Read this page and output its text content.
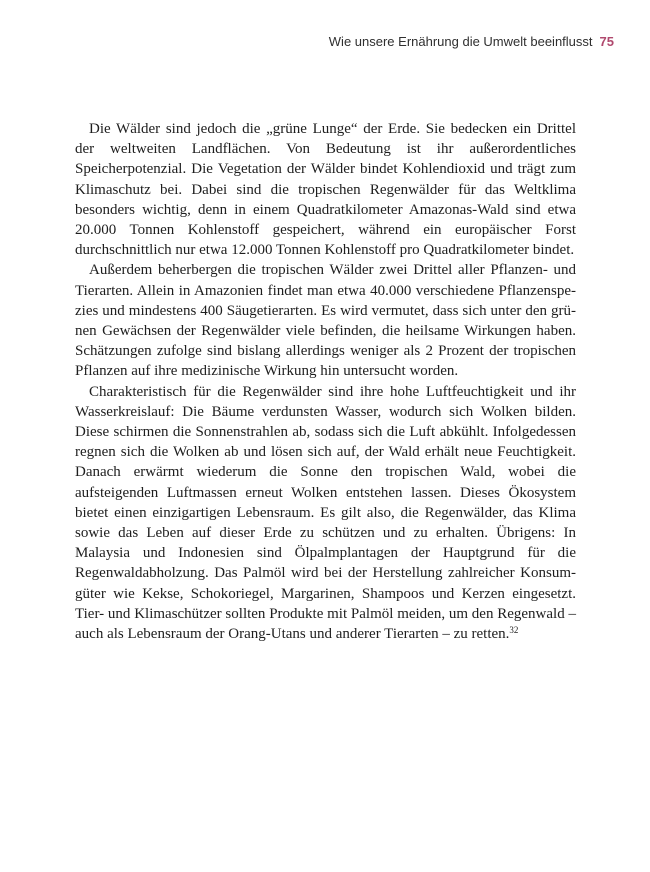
Wie unsere Ernährung die Umwelt beeinflusst 75

Die Wälder sind jedoch die „grüne Lunge“ der Erde. Sie bedecken ein Drittel der weltweiten Landflächen. Von Bedeutung ist ihr außerordentliches Speicherpotenzial. Die Vegetation der Wälder bindet Kohlendioxid und trägt zum Klimaschutz bei. Dabei sind die tropischen Regenwälder für das Weltklima besonders wichtig, denn in einem Quadratkilometer Amazonas-Wald sind etwa 20.000 Tonnen Kohlenstoff gespeichert, während ein europäischer Forst durchschnittlich nur etwa 12.000 Tonnen Kohlenstoff pro Quadratkilometer bindet.

Außerdem beherbergen die tropischen Wälder zwei Drittel aller Pflanzen- und Tierarten. Allein in Amazonien findet man etwa 40.000 verschiedene Pflanzenspezies und mindestens 400 Säugetierarten. Es wird vermutet, dass sich unter den grünen Gewächsen der Regenwälder viele befinden, die heilsame Wirkungen haben. Schätzungen zufolge sind bislang allerdings weniger als 2 Prozent der tropischen Pflanzen auf ihre medizinische Wirkung hin untersucht worden.

Charakteristisch für die Regenwälder sind ihre hohe Luftfeuchtigkeit und ihr Wasserkreislauf: Die Bäume verdunsten Wasser, wodurch sich Wolken bilden. Diese schirmen die Sonnenstrahlen ab, sodass sich die Luft abkühlt. Infolgedessen regnen sich die Wolken ab und lösen sich auf, der Wald erhält neue Feuchtigkeit. Danach erwärmt wiederum die Sonne den tropischen Wald, wobei die aufsteigenden Luftmassen erneut Wolken entstehen lassen. Dieses Ökosystem bietet einen einzigartigen Lebensraum. Es gilt also, die Regenwälder, das Klima sowie das Leben auf dieser Erde zu schützen und zu erhalten. Übrigens: In Malaysia und Indonesien sind Ölpalmplantagen der Hauptgrund für die Regenwaldabholzung. Das Palmöl wird bei der Herstellung zahlreicher Konsumgüter wie Kekse, Schokoriegel, Margarinen, Shampoos und Kerzen eingesetzt. Tier- und Klimaschützer sollten Produkte mit Palmöl meiden, um den Regenwald – auch als Lebensraum der Orang-Utans und anderer Tierarten – zu retten.$^{32}$
